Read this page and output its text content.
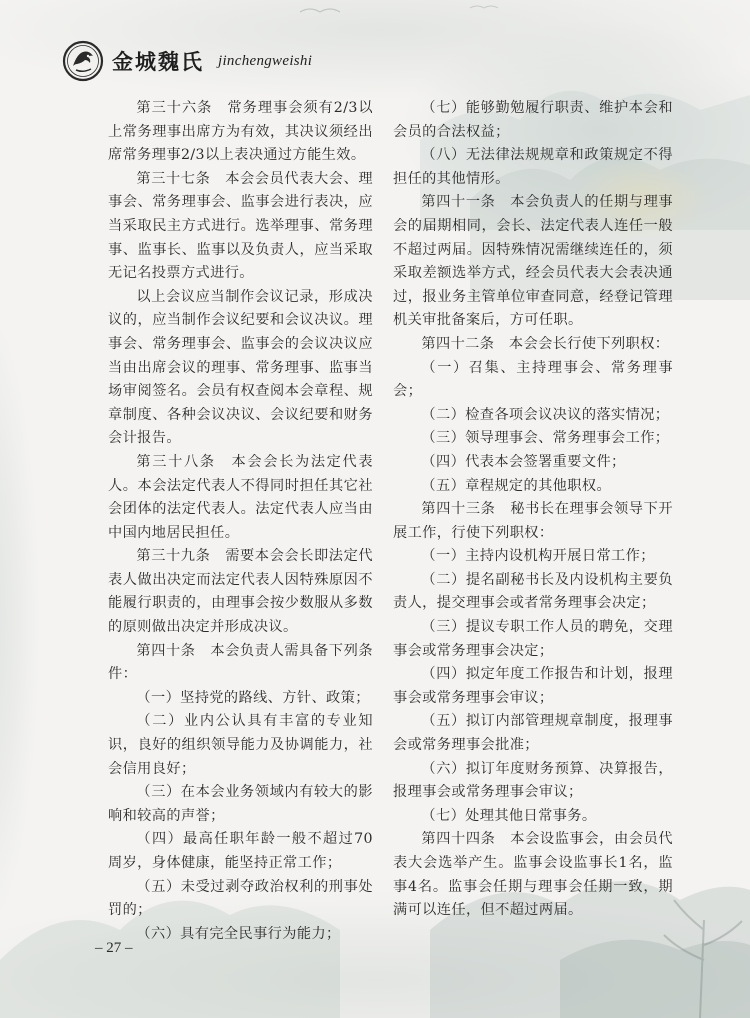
金城魏氏 jinchengweishi

第三十六条　常务理事会须有2/3以上常务理事出席方为有效，其决议须经出席常务理事2/3以上表决通过方能生效。

第三十七条　本会会员代表大会、理事会、常务理事会、监事会进行表决，应当采取民主方式进行。选举理事、常务理事、监事长、监事以及负责人，应当采取无记名投票方式进行。

以上会议应当制作会议记录，形成决议的，应当制作会议纪要和会议决议。理事会、常务理事会、监事会的会议决议应当由出席会议的理事、常务理事、监事当场审阅签名。会员有权查阅本会章程、规章制度、各种会议决议、会议纪要和财务会计报告。

第三十八条　本会会长为法定代表人。本会法定代表人不得同时担任其它社会团体的法定代表人。法定代表人应当由中国内地居民担任。

第三十九条　需要本会会长即法定代表人做出决定而法定代表人因特殊原因不能履行职责的，由理事会按少数服从多数的原则做出决定并形成决议。

第四十条　本会负责人需具备下列条件：

（一）坚持党的路线、方针、政策；

（二）业内公认具有丰富的专业知识，良好的组织领导能力及协调能力，社会信用良好；

（三）在本会业务领域内有较大的影响和较高的声誉；

（四）最高任职年龄一般不超过70周岁，身体健康，能坚持正常工作；

（五）未受过剥夺政治权利的刑事处罚的；

（六）具有完全民事行为能力；

（七）能够勤勉履行职责、维护本会和会员的合法权益；

（八）无法律法规规章和政策规定不得担任的其他情形。

第四十一条　本会负责人的任期与理事会的届期相同，会长、法定代表人连任一般不超过两届。因特殊情况需继续连任的，须采取差额选举方式，经会员代表大会表决通过，报业务主管单位审查同意，经登记管理机关审批备案后，方可任职。

第四十二条　本会会长行使下列职权：

（一）召集、主持理事会、常务理事会；

（二）检查各项会议决议的落实情况；

（三）领导理事会、常务理事会工作；

（四）代表本会签署重要文件；

（五）章程规定的其他职权。

第四十三条　秘书长在理事会领导下开展工作，行使下列职权：

（一）主持内设机构开展日常工作；

（二）提名副秘书长及内设机构主要负责人，提交理事会或者常务理事会决定；

（三）提议专职工作人员的聘免，交理事会或常务理事会决定；

（四）拟定年度工作报告和计划，报理事会或常务理事会审议；

（五）拟订内部管理规章制度，报理事会或常务理事会批准；

（六）拟订年度财务预算、决算报告，报理事会或常务理事会审议；

（七）处理其他日常事务。

第四十四条　本会设监事会，由会员代表大会选举产生。监事会设监事长1名，监事4名。监事会任期与理事会任期一致，期满可以连任，但不超过两届。

– 27 –
